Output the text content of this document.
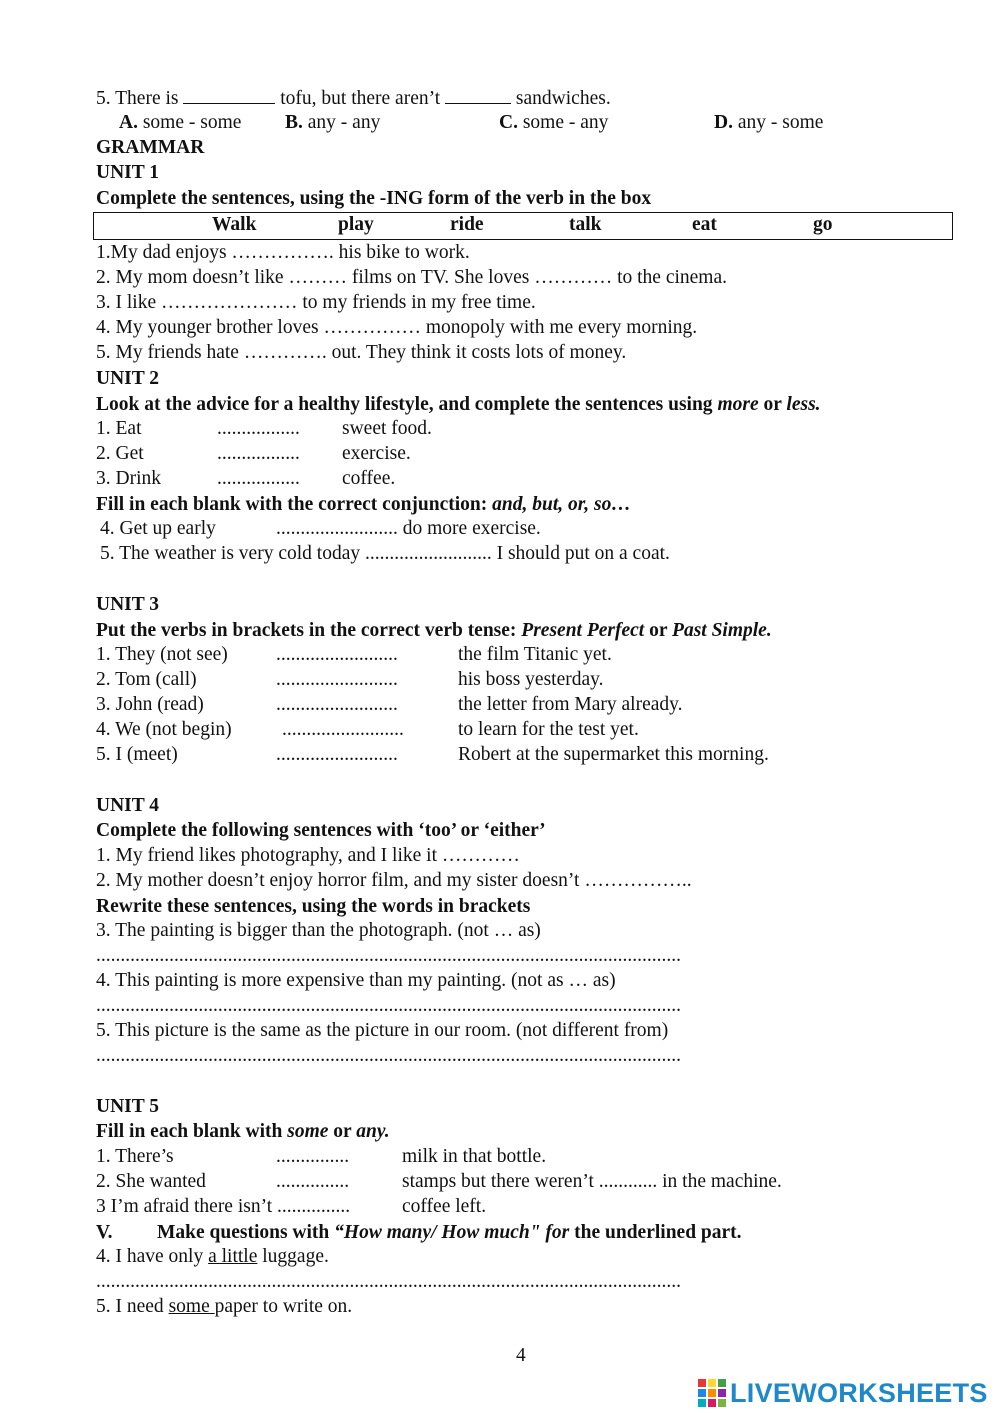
5. There is	tofu, but there aren’t	sandwiches.
A. some - some B. any - any	C. some - any	D. any - some
GRAMMAR
UNIT 1
Complete the sentences, using the -ING form of the verb in the box
Walk	play	ride	talk	eat	go
1.My dad enjoys ……………. his bike to work.
2. My mom doesn’t like ……… films on TV. She loves ………… to the cinema.
3. I like ………………… to my friends in my free time.
4. My younger brother loves …………… monopoly with me every morning.
5. My friends hate …………. out. They think it costs lots of money.
UNIT 2
Look at the advice for a healthy lifestyle, and complete the sentences using more or less.
1. Eat	................. sweet food.
2. Get	................. exercise.
3. Drink	................. coffee.
Fill in each blank with the correct conjunction: and, but, or, so…
4. Get up early	......................... do more exercise.
5. The weather is very cold today .......................... I should put on a coat.
UNIT 3
Put the verbs in brackets in the correct verb tense: Present Perfect or Past Simple.
1. They (not see) .........................	the film Titanic yet.
2. Tom (call)	.........................	his boss yesterday.
3. John (read)	.........................	the letter from Mary already.
4. We (not begin)	.........................	to learn for the test yet.
5. I (meet)	.........................	Robert at the supermarket this morning.
UNIT 4
Complete the following sentences with ‘too’ or ‘either’
1. My friend likes photography, and I like it …………
2. My mother doesn’t enjoy horror film, and my sister doesn’t ……………..
Rewrite these sentences, using the words in brackets
3. The painting is bigger than the photograph. (not … as)
........................................................................................................................
4. This painting is more expensive than my painting. (not as … as)
........................................................................................................................
5. This picture is the same as the picture in our room. (not different from)
........................................................................................................................
UNIT 5
Fill in each blank with some or any.
1. There’s	...............	milk in that bottle.
2. She wanted	...............	stamps but there weren’t ............ in the machine.
3 I’m afraid there isn’t ...............	coffee left.
V. Make questions with “How many/ How much" for the underlined part.
4. I have only a little luggage.
........................................................................................................................
5. I need some paper to write on.
4
LIVEWORKSHEETS
